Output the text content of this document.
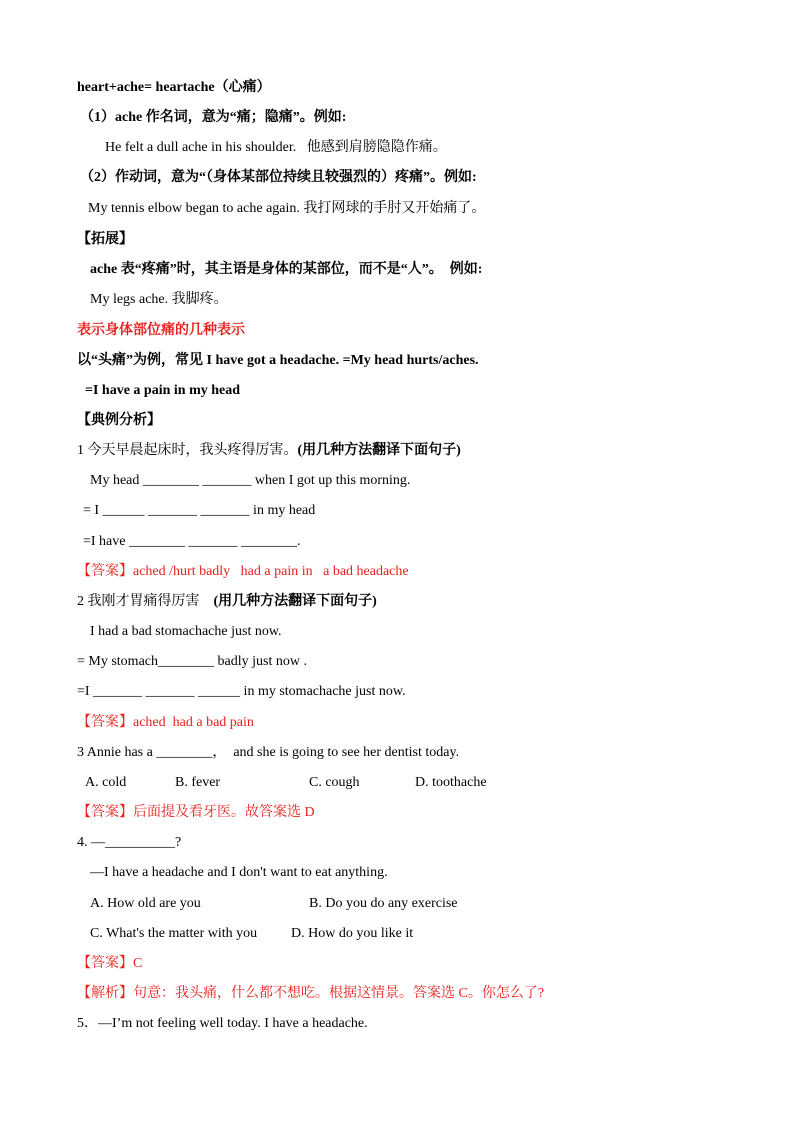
heart+ache= heartache（心痛）
（1）ache 作名词，意为“痛；隐痛”。例如:
He felt a dull ache in his shoulder.   他感到肩膀隐隐作痛。
（2）作动词，意为“（身体某部位持续且较强烈的）疼痛”。例如:
My tennis elbow began to ache again. 我打网球的手肘又开始痛了。
【拓展】
ache 表“疼痛”时，其主语是身体的某部位，而不是“人”。  例如:
My legs ache. 我脚疼。
表示身体部位痛的几种表示
以“头痛”为例，常见 I have got a headache. =My head hurts/aches.
=I have a pain in my head
【典例分析】
1 今天早晨起床时，我头疼得厉害。(用几种方法翻译下面句子)
My head ________ _______ when I got up this morning.
= I ______ _______ _______ in my head
=I have ________ _______ ________.
【答案】ached /hurt badly   had a pain in   a bad headache
2 我刚才胃痛得厉害    (用几种方法翻译下面句子)
I had a bad stomachache just now.
= My stomach________ badly just now .
=I _______ _______ ______ in my stomachache just now.
【答案】ached  had a bad pain
3 Annie has a ________，  and she is going to see her dentist today.
A. cold	B. fever	C. cough	D. toothache
【答案】后面提及看牙医。故答案选 D
4. —__________?
—I have a headache and I don't want to eat anything.
A. How old are you	B. Do you do any exercise
C. What's the matter with you D. How do you like it
【答案】C
【解析】句意：我头痛，什么都不想吃。根据这情景。答案选 C。你怎么了?
5．—I’m not feeling well today. I have a headache.
